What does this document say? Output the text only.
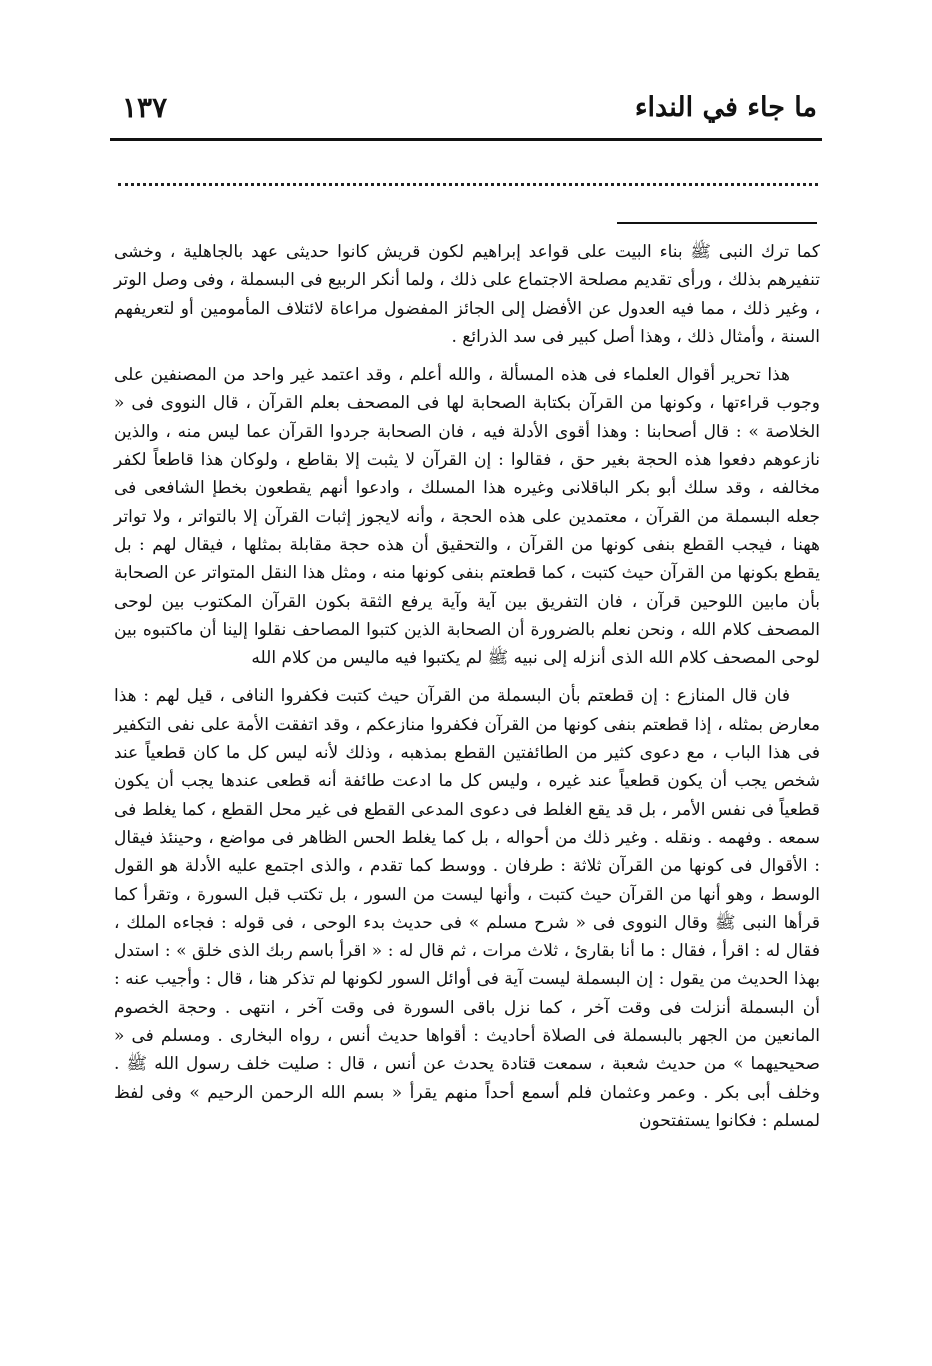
ما جاء في النداء
١٣٧

كما ترك النبى ﷺ بناء البيت على قواعد إبراهيم لكون قريش كانوا حديثى عهد بالجاهلية ، وخشى تنفيرهم بذلك ، ورأى تقديم مصلحة الاجتماع على ذلك ، ولما أنكر الربيع فى البسملة ، وفى وصل الوتر ، وغير ذلك ، مما فيه العدول عن الأفضل إلى الجائز المفضول مراعاة لائتلاف المأمومين أو لتعريفهم السنة ، وأمثال ذلك ، وهذا أصل كبير فى سد الذرائع .

هذا تحرير أقوال العلماء فى هذه المسألة ، والله أعلم ، وقد اعتمد غير واحد من المصنفين على وجوب قراءتها ، وكونها من القرآن بكتابة الصحابة لها فى المصحف بعلم القرآن ، قال النووى فى « الخلاصة » : قال أصحابنا : وهذا أقوى الأدلة فيه ، فان الصحابة جردوا القرآن عما ليس منه ، والذين نازعوهم دفعوا هذه الحجة بغير حق ، فقالوا : إن القرآن لا يثبت إلا بقاطع ، ولوكان هذا قاطعاً لكفر مخالفه ، وقد سلك أبو بكر الباقلانى وغيره هذا المسلك ، وادعوا أنهم يقطعون بخطإ الشافعى فى جعله البسملة من القرآن ، معتمدين على هذه الحجة ، وأنه لايجوز إثبات القرآن إلا بالتواتر ، ولا تواتر ههنا ، فيجب القطع بنفى كونها من القرآن ، والتحقيق أن هذه حجة مقابلة بمثلها ، فيقال لهم : بل يقطع بكونها من القرآن حيث كتبت ، كما قطعتم بنفى كونها منه ، ومثل هذا النقل المتواتر عن الصحابة بأن مابين اللوحين قرآن ، فان التفريق بين آية وآية يرفع الثقة بكون القرآن المكتوب بين لوحى المصحف كلام الله ، ونحن نعلم بالضرورة أن الصحابة الذين كتبوا المصاحف نقلوا إلينا أن ماكتبوه بين لوحى المصحف كلام الله الذى أنزله إلى نبيه ﷺ لم يكتبوا فيه ماليس من كلام الله

فان قال المنازع : إن قطعتم بأن البسملة من القرآن حيث كتبت فكفروا النافى ، قيل لهم : هذا معارض بمثله ، إذا قطعتم بنفى كونها من القرآن فكفروا منازعكم ، وقد اتفقت الأمة على نفى التكفير فى هذا الباب ، مع دعوى كثير من الطائفتين القطع بمذهبه ، وذلك لأنه ليس كل ما كان قطعياً عند شخص يجب أن يكون قطعياً عند غيره ، وليس كل ما ادعت طائفة أنه قطعى عندها يجب أن يكون قطعياً فى نفس الأمر ، بل قد يقع الغلط فى دعوى المدعى القطع فى غير محل القطع ، كما يغلط فى سمعه . وفهمه . ونقله . وغير ذلك من أحواله ، بل كما يغلط الحس الظاهر فى مواضع ، وحينئذ فيقال : الأقوال فى كونها من القرآن ثلاثة : طرفان . ووسط كما تقدم ، والذى اجتمع عليه الأدلة هو القول الوسط ، وهو أنها من القرآن حيث كتبت ، وأنها ليست من السور ، بل تكتب قبل السورة ، وتقرأ كما قرأها النبى ﷺ وقال النووى فى « شرح مسلم » فى حديث بدء الوحى ، فى قوله : فجاءه الملك ، فقال له : اقرأ ، فقال : ما أنا بقارئ ، ثلاث مرات ، ثم قال له : « اقرأ باسم ربك الذى خلق » : استدل بهذا الحديث من يقول : إن البسملة ليست آية فى أوائل السور لكونها لم تذكر هنا ، قال : وأجيب عنه : أن البسملة أنزلت فى وقت آخر ، كما نزل باقى السورة فى وقت آخر ، انتهى . وحجة الخصوم المانعين من الجهر بالبسملة فى الصلاة أحاديث : أقواها حديث أنس ، رواه البخارى . ومسلم فى « صحيحيهما » من حديث شعبة ، سمعت قتادة يحدث عن أنس ، قال : صليت خلف رسول الله ﷺ . وخلف أبى بكر . وعمر وعثمان فلم أسمع أحداً منهم يقرأ « بسم الله الرحمن الرحيم » وفى لفظ لمسلم : فكانوا يستفتحون
